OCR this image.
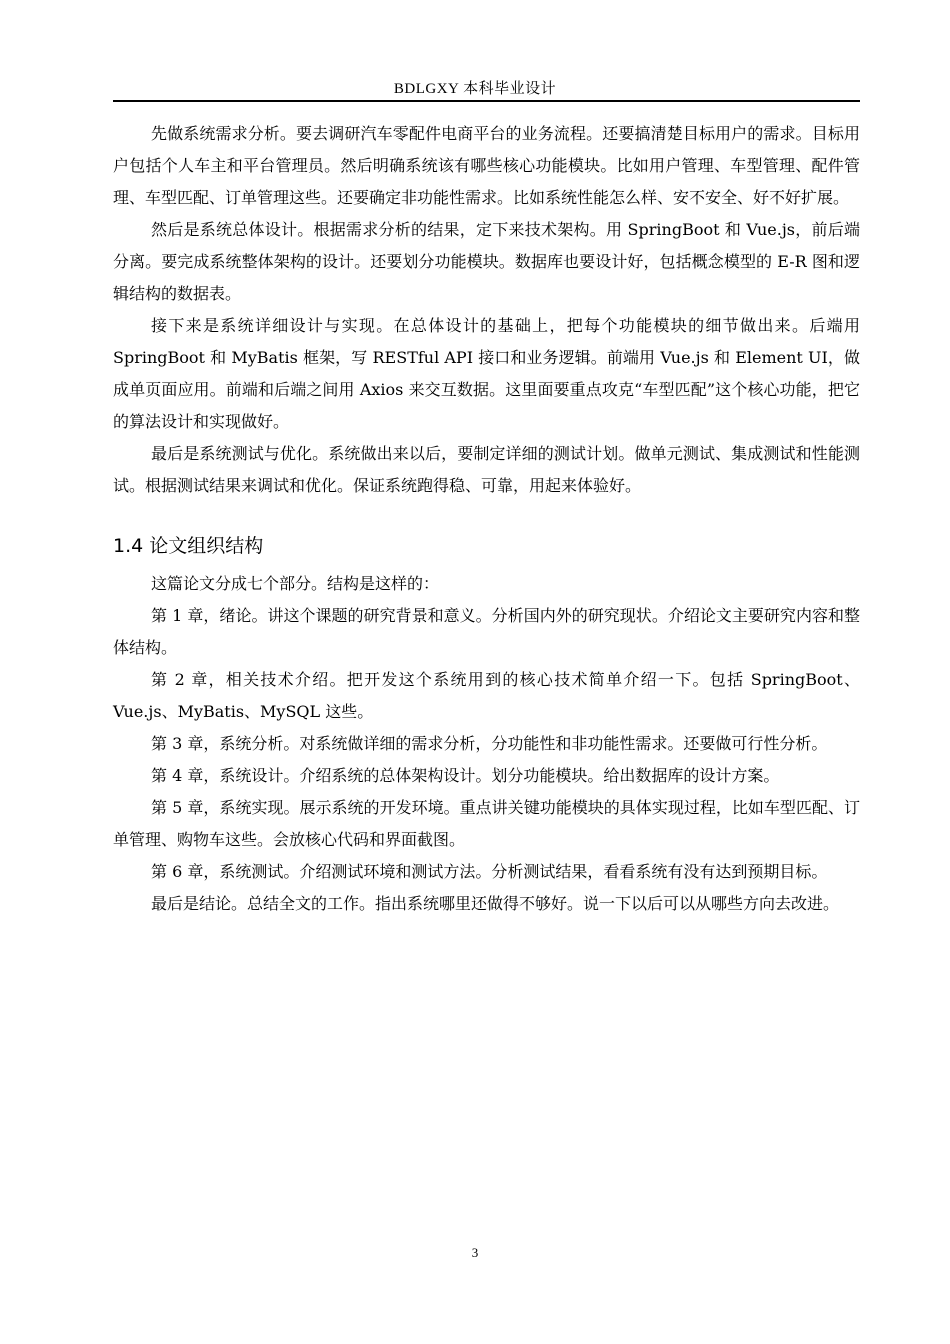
BDLGXY 本科毕业设计

先做系统需求分析。要去调研汽车零配件电商平台的业务流程。还要搞清楚目标用户的需求。目标用户包括个人车主和平台管理员。然后明确系统该有哪些核心功能模块。比如用户管理、车型管理、配件管理、车型匹配、订单管理这些。还要确定非功能性需求。比如系统性能怎么样、安不安全、好不好扩展。

然后是系统总体设计。根据需求分析的结果，定下来技术架构。用 SpringBoot 和 Vue.js，前后端分离。要完成系统整体架构的设计。还要划分功能模块。数据库也要设计好，包括概念模型的 E-R 图和逻辑结构的数据表。

接下来是系统详细设计与实现。在总体设计的基础上，把每个功能模块的细节做出来。后端用 SpringBoot 和 MyBatis 框架，写 RESTful API 接口和业务逻辑。前端用 Vue.js 和 Element UI，做成单页面应用。前端和后端之间用 Axios 来交互数据。这里面要重点攻克“车型匹配”这个核心功能，把它的算法设计和实现做好。

最后是系统测试与优化。系统做出来以后，要制定详细的测试计划。做单元测试、集成测试和性能测试。根据测试结果来调试和优化。保证系统跑得稳、可靠，用起来体验好。

1.4 论文组织结构

这篇论文分成七个部分。结构是这样的：

第 1 章，绪论。讲这个课题的研究背景和意义。分析国内外的研究现状。介绍论文主要研究内容和整体结构。

第 2 章，相关技术介绍。把开发这个系统用到的核心技术简单介绍一下。包括 SpringBoot、Vue.js、MyBatis、MySQL 这些。

第 3 章，系统分析。对系统做详细的需求分析，分功能性和非功能性需求。还要做可行性分析。

第 4 章，系统设计。介绍系统的总体架构设计。划分功能模块。给出数据库的设计方案。

第 5 章，系统实现。展示系统的开发环境。重点讲关键功能模块的具体实现过程，比如车型匹配、订单管理、购物车这些。会放核心代码和界面截图。

第 6 章，系统测试。介绍测试环境和测试方法。分析测试结果，看看系统有没有达到预期目标。

最后是结论。总结全文的工作。指出系统哪里还做得不够好。说一下以后可以从哪些方向去改进。

3
